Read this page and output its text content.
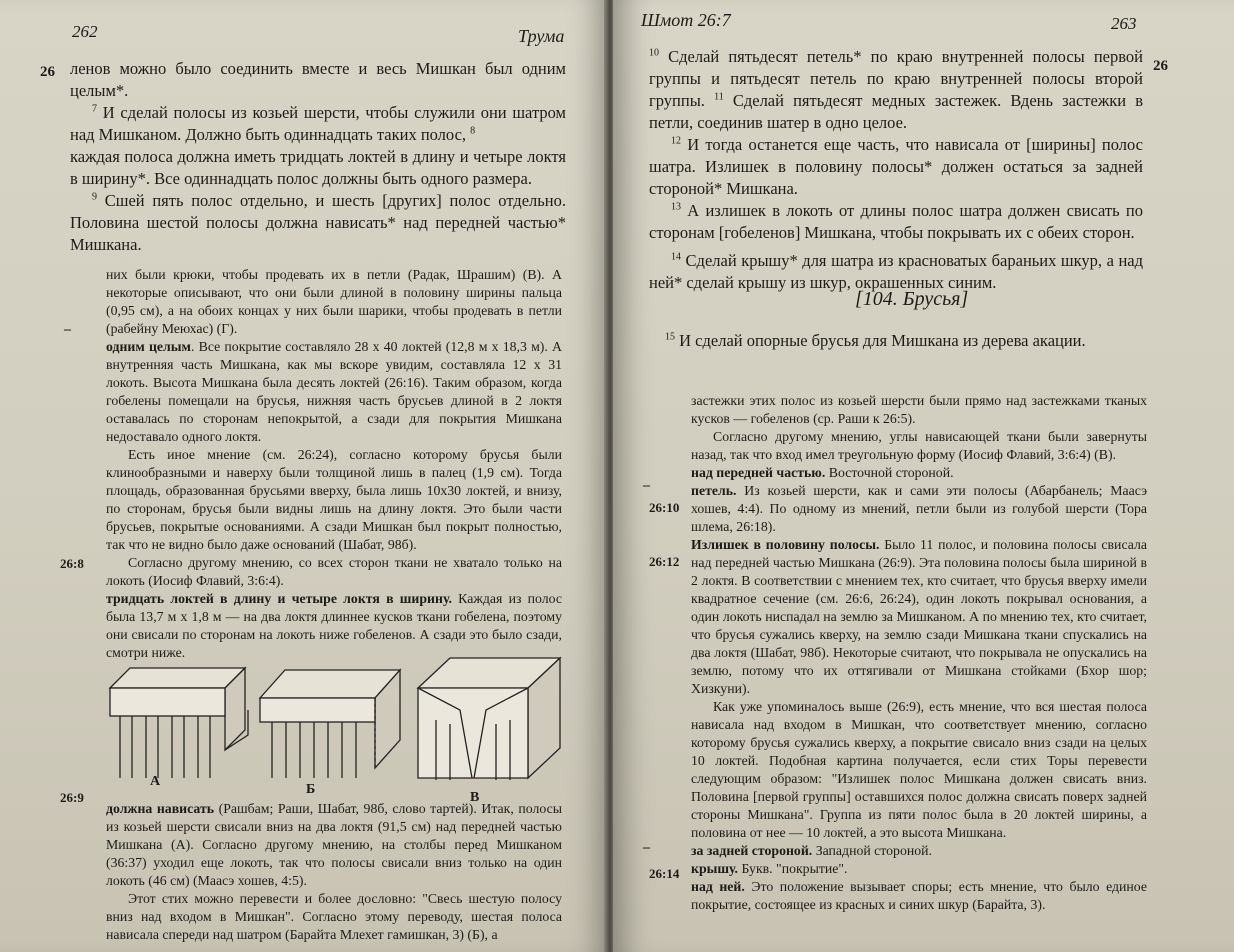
262	Трума
26 ленов можно было соединить вместе и весь Мишкан был одним целым*.

$^7$ И сделай полосы из козьей шерсти, чтобы служили они шатром над Мишканом. Должно быть одиннадцать таких полос, $^8$

каждая полоса должна иметь тридцать локтей в длину и четыре локтя в ширину*. Все одиннадцать полос должны быть одного размера.

$^9$ Сшей пять полос отдельно, и шесть [других] полос отдельно. Половина шестой полосы должна нависать* над передней частью* Мишкана.

них были крюки, чтобы продевать их в петли (Радак, Шрашим) (В). А некоторые описывают, что они были длиной в половину ширины пальца (0,95 см), а на обоих концах у них были шарики, чтобы продевать в петли (рабейну Меюхас) (Г).

одним целым. Все покрытие составляло 28 х 40 локтей (12,8 м х 18,3 м). А внутренняя часть Мишкана, как мы вскоре увидим, составляла 12 х 31 локоть. Высота Мишкана была десять локтей (26:16). Таким образом, когда гобелены помещали на брусья, нижняя часть брусьев длиной в 2 локтя оставалась по сторонам непокрытой, а сзади для покрытия Мишкана недоставало одного локтя.

Есть иное мнение (см. 26:24), согласно которому брусья были клинообразными и наверху были толщиной лишь в палец (1,9 см). Тогда площадь, образованная брусьями вверху, была лишь 10х30 локтей, и внизу, по сторонам, брусья были видны лишь на длину локтя. Это были части брусьев, покрытые основаниями. А сзади Мишкан был покрыт полностью, так что не видно было даже оснований (Шабат, 98б).

Согласно другому мнению, со всех сторон ткани не хватало только на локоть (Иосиф Флавий, 3:6:4).

тридцать локтей в длину и четыре локтя в ширину. Каждая из полос была 13,7 м х 1,8 м — на два локтя длиннее кусков ткани гобелена, поэтому они свисали по сторонам на локоть ниже гобеленов. А сзади это было сзади, смотри ниже.

–
26:8
А
Б
В
26:9

должна нависать (Рашбам; Раши, Шабат, 98б, слово тартей). Итак, полосы из козьей шерсти свисали вниз на два локтя (91,5 см) над передней частью Мишкана (А). Согласно другому мнению, на столбы перед Мишканом (36:37) уходил еще локоть, так что полосы свисали вниз только на один локоть (46 см) (Маасэ хошев, 4:5).

Этот стих можно перевести и более дословно: "Свесь шестую полосу вниз над входом в Мишкан". Согласно этому переводу, шестая полоса нависала спереди над шатром (Барайта Млехет гамишкан, 3) (Б), а

Шмот 26:7	263
26

$^{10}$ Сделай пятьдесят петель* по краю внутренней полосы первой группы и пятьдесят петель по краю внутренней полосы второй группы. $^{11}$ Сделай пятьдесят медных застежек. Вдень застежки в петли, соединив шатер в одно целое.

$^{12}$ И тогда останется еще часть, что нависала от [ширины] полос шатра. Излишек в половину полосы* должен остаться за задней стороной* Мишкана.

$^{13}$ А излишек в локоть от длины полос шатра должен свисать по сторонам [гобеленов] Мишкана, чтобы покрывать их с обеих сторон.

$^{14}$ Сделай крышу* для шатра из красноватых бараньих шкур, а над ней* сделай крышу из шкур, окрашенных синим.

[104. Брусья]

$^{15}$ И сделай опорные брусья для Мишкана из дерева акации.

застежки этих полос из козьей шерсти были прямо над застежками тканых кусков — гобеленов (ср. Раши к 26:5).

Согласно другому мнению, углы нависающей ткани были завернуты назад, так что вход имел треугольную форму (Иосиф Флавий, 3:6:4) (В).

над передней частью. Восточной стороной.

петель. Из козьей шерсти, как и сами эти полосы (Абарбанель; Маасэ хошев, 4:4). По одному из мнений, петли были из голубой шерсти (Тора шлема, 26:18).

Излишек в половину полосы. Было 11 полос, и половина полосы свисала над передней частью Мишкана (26:9). Эта половина полосы была шириной в 2 локтя. В соответствии с мнением тех, кто считает, что брусья вверху имели квадратное сечение (см. 26:6, 26:24), один локоть покрывал основания, а один локоть ниспадал на землю за Мишканом. А по мнению тех, кто считает, что брусья сужались кверху, на землю сзади Мишкана ткани спускались на два локтя (Шабат, 98б). Некоторые считают, что покрывала не опускались на землю, потому что их оттягивали от Мишкана стойками (Бхор шор; Хизкуни).

Как уже упоминалось выше (26:9), есть мнение, что вся шестая полоса нависала над входом в Мишкан, что соответствует мнению, согласно которому брусья сужались кверху, а покрытие свисало вниз сзади на целых 10 локтей. Подобная картина получается, если стих Торы перевести следующим образом: "Излишек полос Мишкана должен свисать вниз. Половина [первой группы] оставшихся полос должна свисать поверх задней стороны Мишкана". Группа из пяти полос была в 20 локтей ширины, а половина от нее — 10 локтей, а это высота Мишкана.

за задней стороной. Западной стороной.

крышу. Букв. "покрытие".

над ней. Это положение вызывает споры; есть мнение, что было единое покрытие, состоящее из красных и синих шкур (Барайта, 3).

–
26:10
26:12
–
26:14
